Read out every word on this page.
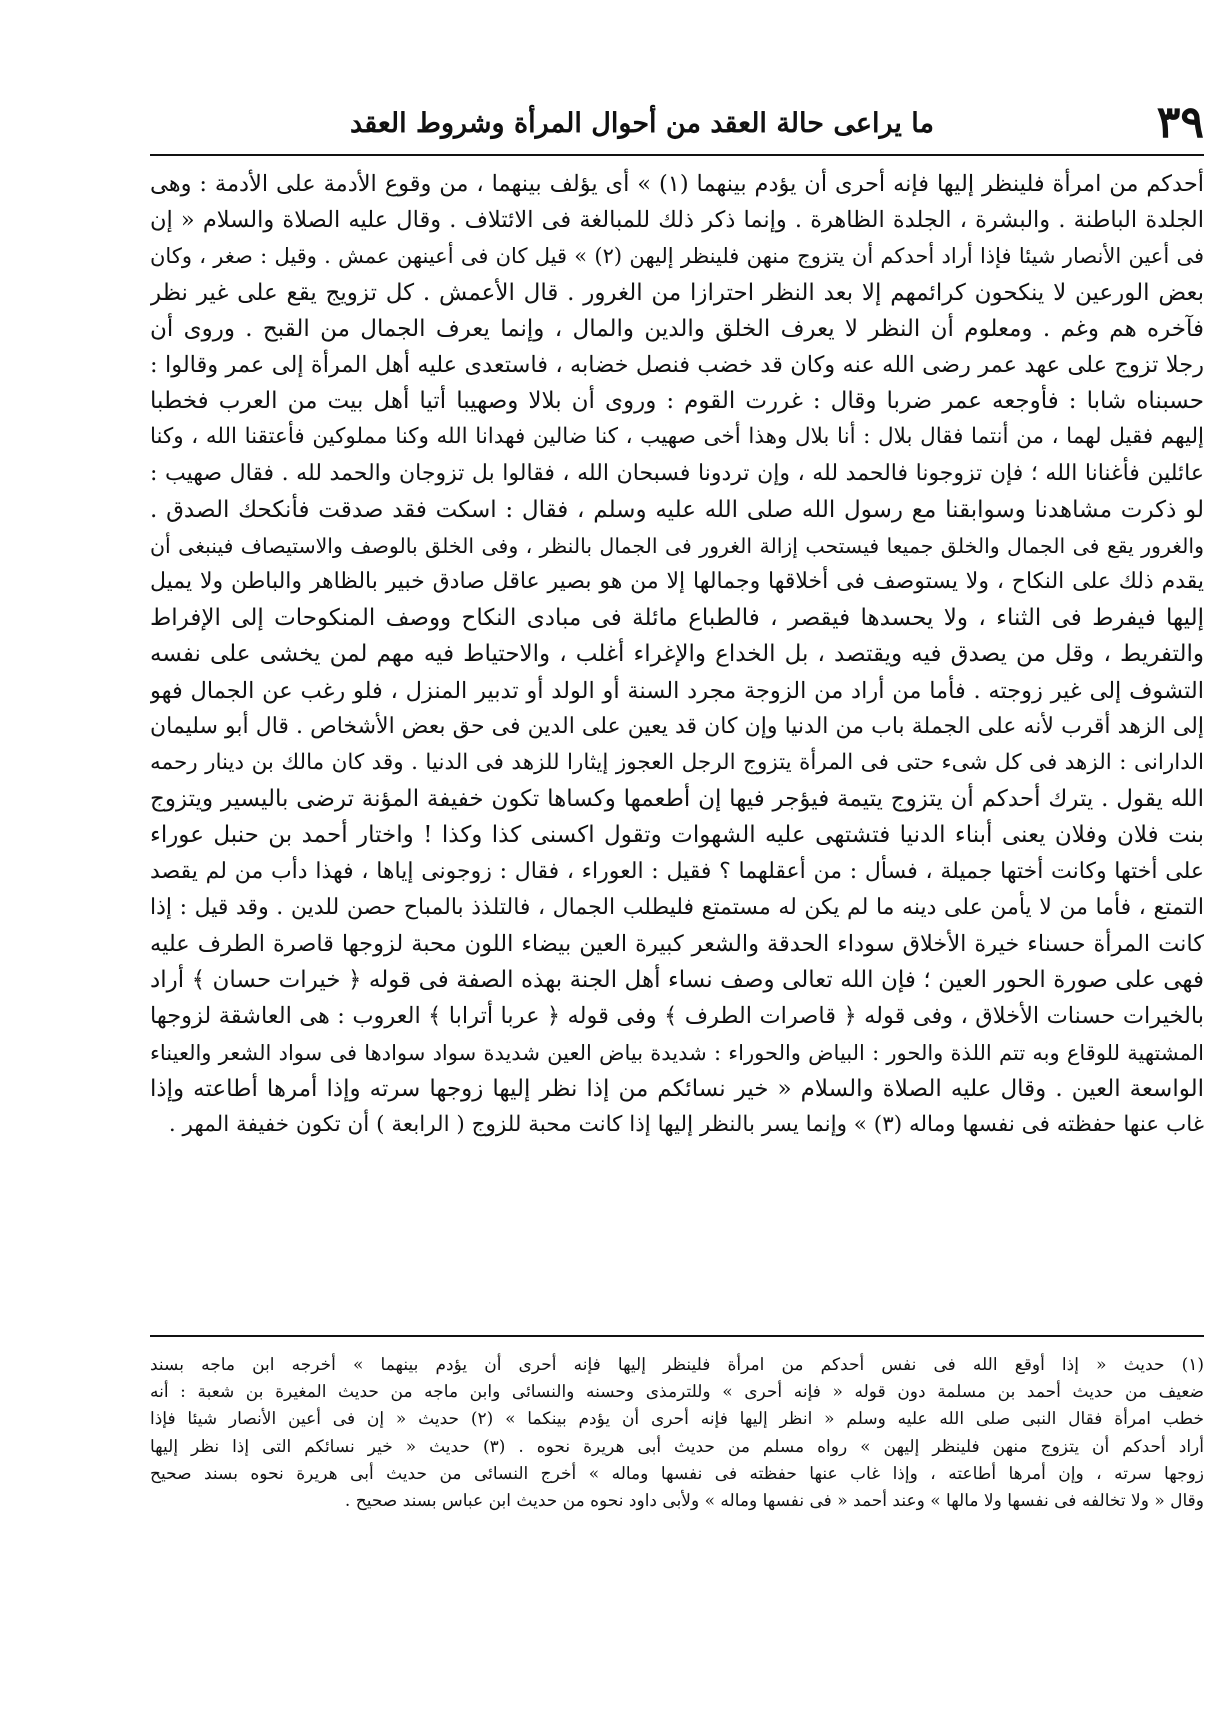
٣٩
ما يراعى حالة العقد من أحوال المرأة وشروط العقد
أحدكم من امرأة فلينظر إليها فإنه أحرى أن يؤدم بينهما (١) » أى يؤلف بينهما ، من وقوع الأدمة على الأدمة : وهى
الجلدة الباطنة . والبشرة ، الجلدة الظاهرة . وإنما ذكر ذلك للمبالغة فى الائتلاف . وقال عليه الصلاة والسلام « إن
فى أعين الأنصار شيئا فإذا أراد أحدكم أن يتزوج منهن فلينظر إليهن (٢) » قيل كان فى أعينهن عمش . وقيل : صغر ، وكان
بعض الورعين لا ينكحون كرائمهم إلا بعد النظر احترازا من الغرور . قال الأعمش . كل تزويج يقع على غير نظر
فآخره هم وغم . ومعلوم أن النظر لا يعرف الخلق والدين والمال ، وإنما يعرف الجمال من القبح . وروى أن
رجلا تزوج على عهد عمر رضى الله عنه وكان قد خضب فنصل خضابه ، فاستعدى عليه أهل المرأة إلى عمر وقالوا :
حسبناه شابا : فأوجعه عمر ضربا وقال : غررت القوم : وروى أن بلالا وصهيبا أتيا أهل بيت من العرب فخطبا
إليهم فقيل لهما ، من أنتما فقال بلال : أنا بلال وهذا أخى صهيب ، كنا ضالين فهدانا الله وكنا مملوكين فأعتقنا الله ، وكنا
عائلين فأغنانا الله ؛ فإن تزوجونا فالحمد لله ، وإن تردونا فسبحان الله ، فقالوا بل تزوجان والحمد لله . فقال صهيب :
لو ذكرت مشاهدنا وسوابقنا مع رسول الله صلى الله عليه وسلم ، فقال : اسكت فقد صدقت فأنكحك الصدق .
والغرور يقع فى الجمال والخلق جميعا فيستحب إزالة الغرور فى الجمال بالنظر ، وفى الخلق بالوصف والاستيصاف فينبغى أن
يقدم ذلك على النكاح ، ولا يستوصف فى أخلاقها وجمالها إلا من هو بصير عاقل صادق خبير بالظاهر والباطن ولا يميل
إليها فيفرط فى الثناء ، ولا يحسدها فيقصر ، فالطباع مائلة فى مبادى النكاح ووصف المنكوحات إلى الإفراط
والتفريط ، وقل من يصدق فيه ويقتصد ، بل الخداع والإغراء أغلب ، والاحتياط فيه مهم لمن يخشى على نفسه
التشوف إلى غير زوجته . فأما من أراد من الزوجة مجرد السنة أو الولد أو تدبير المنزل ، فلو رغب عن الجمال فهو
إلى الزهد أقرب لأنه على الجملة باب من الدنيا وإن كان قد يعين على الدين فى حق بعض الأشخاص . قال أبو سليمان
الدارانى : الزهد فى كل شىء حتى فى المرأة يتزوج الرجل العجوز إيثارا للزهد فى الدنيا . وقد كان مالك بن دينار رحمه
الله يقول . يترك أحدكم أن يتزوج يتيمة فيؤجر فيها إن أطعمها وكساها تكون خفيفة المؤنة ترضى باليسير ويتزوج
بنت فلان وفلان يعنى أبناء الدنيا فتشتهى عليه الشهوات وتقول اكسنى كذا وكذا ! واختار أحمد بن حنبل عوراء
على أختها وكانت أختها جميلة ، فسأل : من أعقلهما ؟ فقيل : العوراء ، فقال : زوجونى إياها ، فهذا دأب من لم يقصد
التمتع ، فأما من لا يأمن على دينه ما لم يكن له مستمتع فليطلب الجمال ، فالتلذذ بالمباح حصن للدين . وقد قيل : إذا
كانت المرأة حسناء خيرة الأخلاق سوداء الحدقة والشعر كبيرة العين بيضاء اللون محبة لزوجها قاصرة الطرف عليه
فهى على صورة الحور العين ؛ فإن الله تعالى وصف نساء أهل الجنة بهذه الصفة فى قوله ﴿ خيرات حسان ﴾ أراد
بالخيرات حسنات الأخلاق ، وفى قوله ﴿ قاصرات الطرف ﴾ وفى قوله ﴿ عربا أترابا ﴾ العروب : هى العاشقة لزوجها
المشتهية للوقاع وبه تتم اللذة والحور : البياض والحوراء : شديدة بياض العين شديدة سواد سوادها فى سواد الشعر والعيناء
الواسعة العين . وقال عليه الصلاة والسلام « خير نسائكم من إذا نظر إليها زوجها سرته وإذا أمرها أطاعته وإذا
غاب عنها حفظته فى نفسها وماله (٣) » وإنما يسر بالنظر إليها إذا كانت محبة للزوج ( الرابعة ) أن تكون خفيفة المهر .
(١) حديث « إذا أوقع الله فى نفس أحدكم من امرأة فلينظر إليها فإنه أحرى أن يؤدم بينهما » أخرجه ابن ماجه بسند
ضعيف من حديث أحمد بن مسلمة دون قوله « فإنه أحرى » وللترمذى وحسنه والنسائى وابن ماجه من حديث المغيرة بن شعبة : أنه
خطب امرأة فقال النبى صلى الله عليه وسلم « انظر إليها فإنه أحرى أن يؤدم بينكما » (٢) حديث « إن فى أعين الأنصار شيئا فإذا
أراد أحدكم أن يتزوج منهن فلينظر إليهن » رواه مسلم من حديث أبى هريرة نحوه . (٣) حديث « خير نسائكم التى إذا نظر إليها
زوجها سرته ، وإن أمرها أطاعته ، وإذا غاب عنها حفظته فى نفسها وماله » أخرج النسائى من حديث أبى هريرة نحوه بسند صحيح
وقال « ولا تخالفه فى نفسها ولا مالها » وعند أحمد « فى نفسها وماله » ولأبى داود نحوه من حديث ابن عباس بسند صحيح .
